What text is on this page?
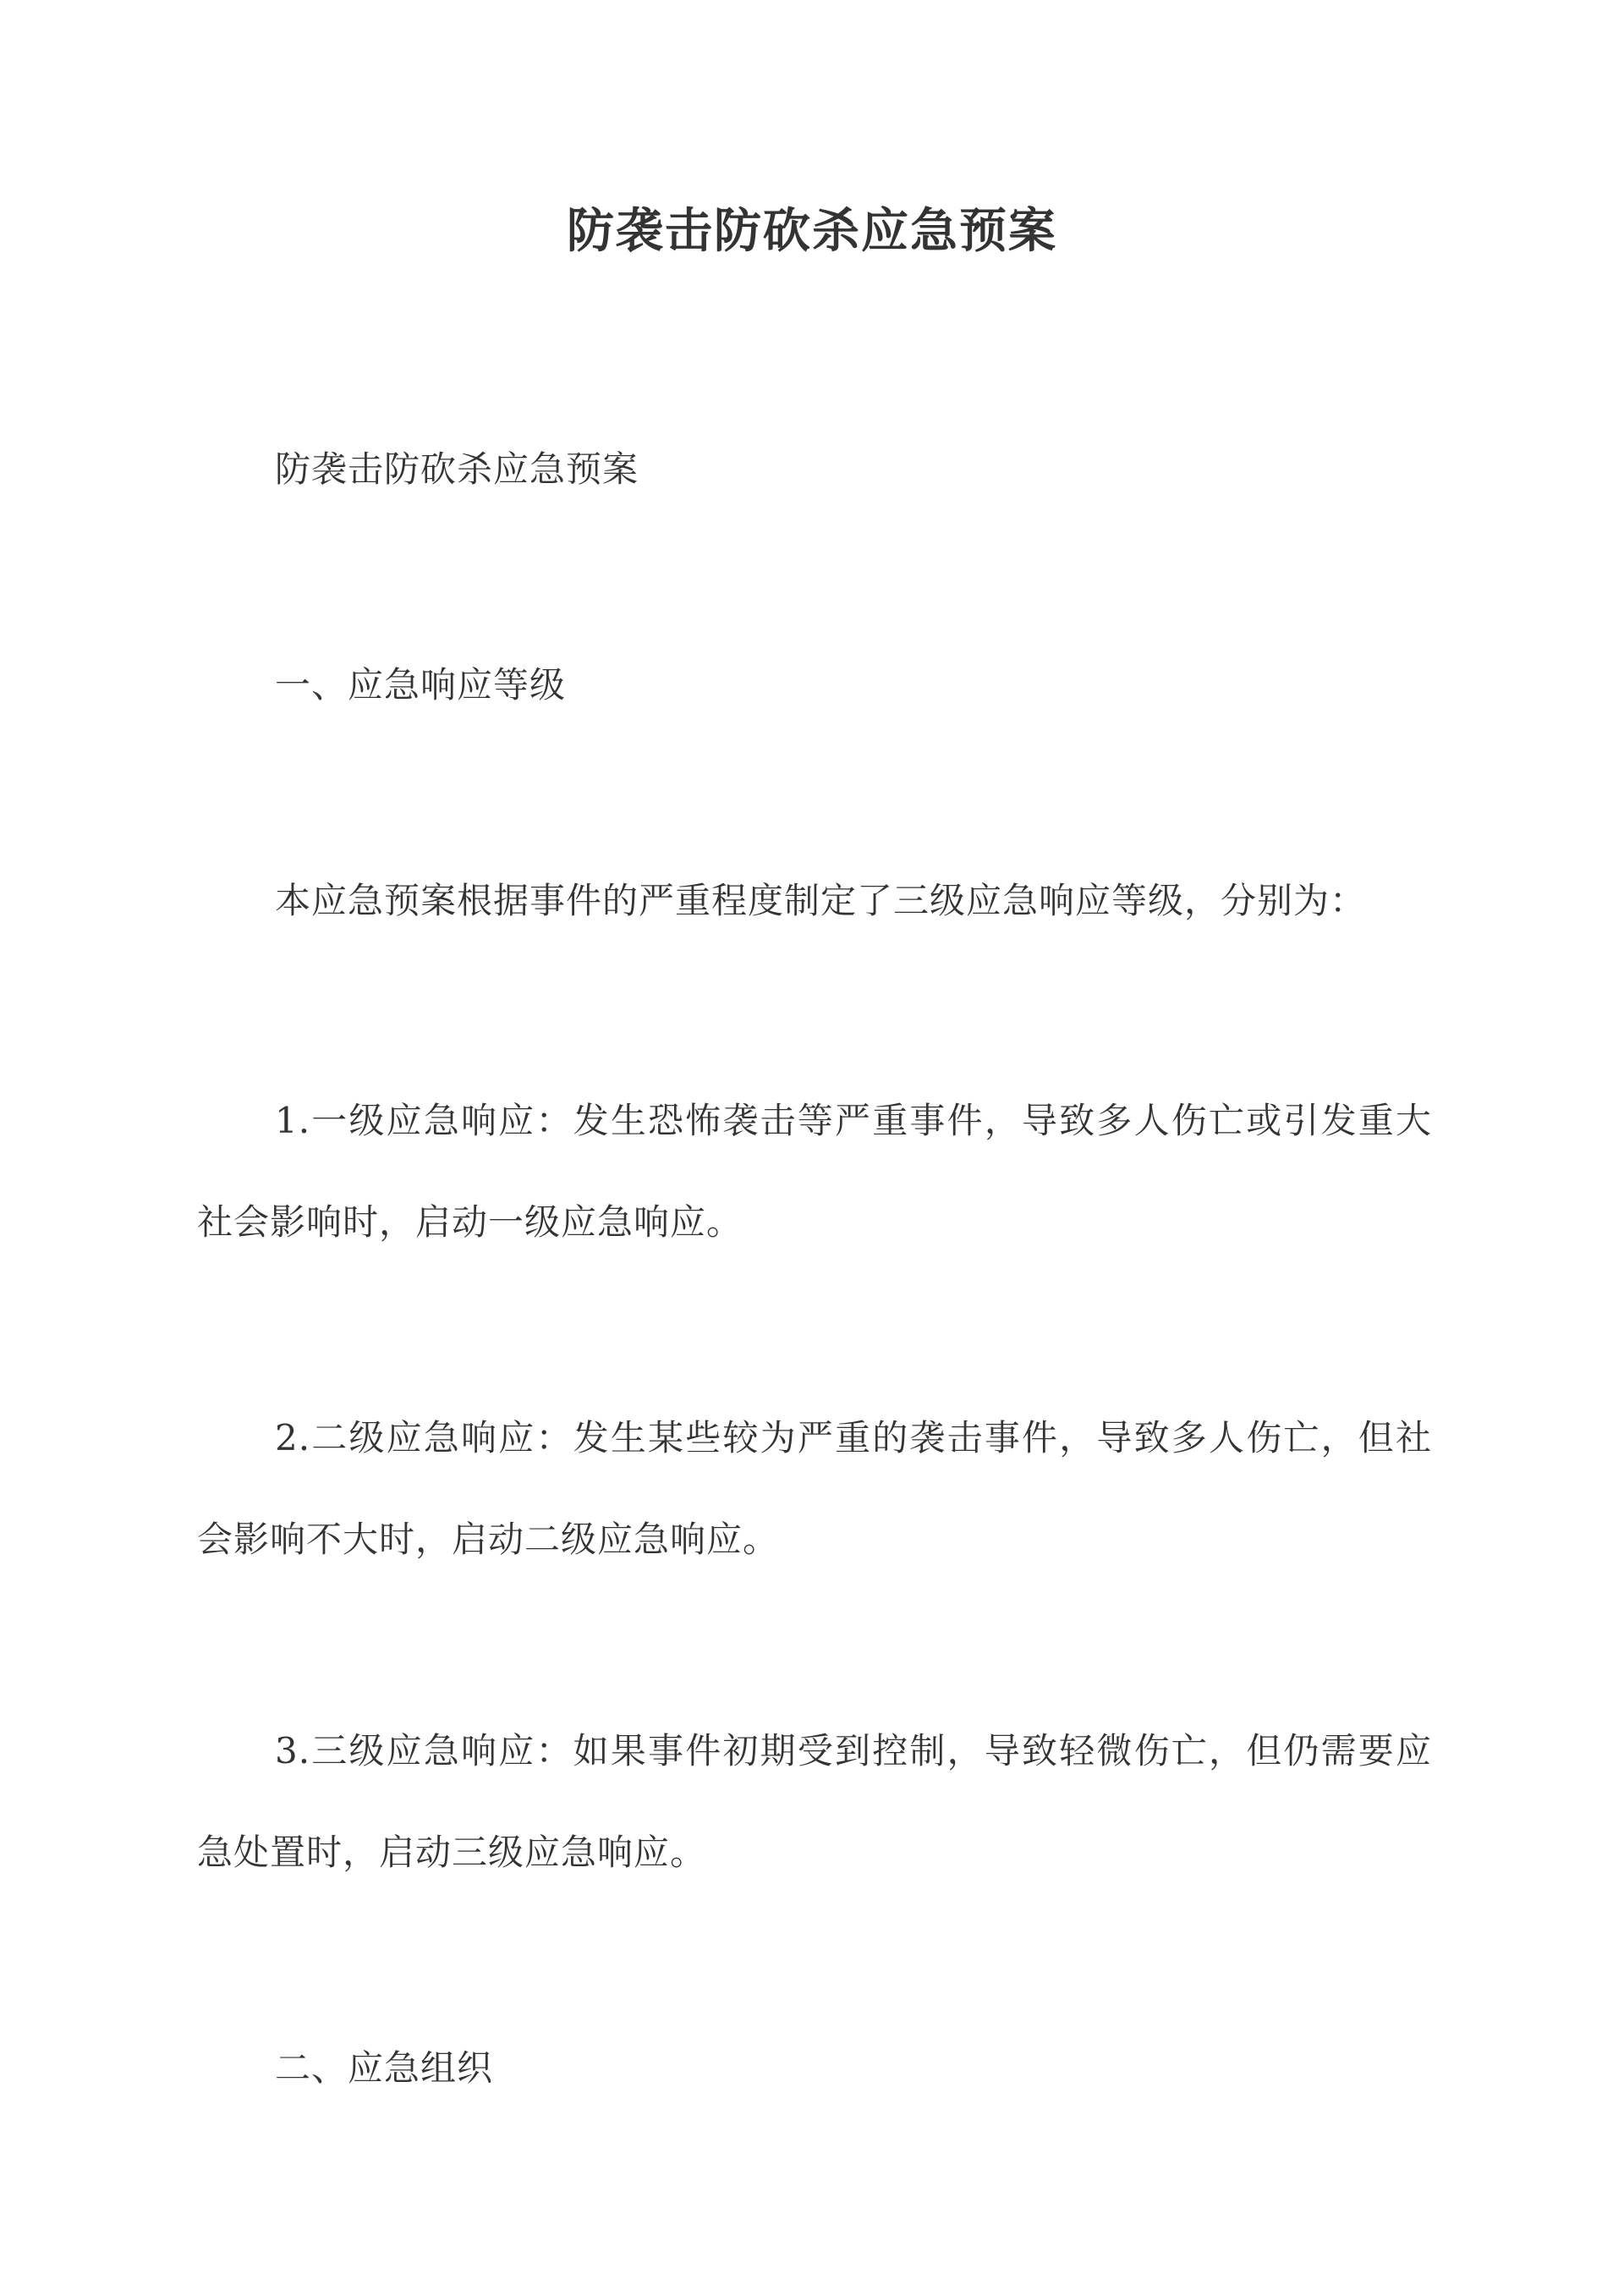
防袭击防砍杀应急预案

防袭击防砍杀应急预案

一、应急响应等级

本应急预案根据事件的严重程度制定了三级应急响应等级，分别为：

1.一级应急响应：发生恐怖袭击等严重事件，导致多人伤亡或引发重大社会影响时，启动一级应急响应。

2.二级应急响应：发生某些较为严重的袭击事件，导致多人伤亡，但社会影响不大时，启动二级应急响应。

3.三级应急响应：如果事件初期受到控制，导致轻微伤亡，但仍需要应急处置时，启动三级应急响应。

二、应急组织
